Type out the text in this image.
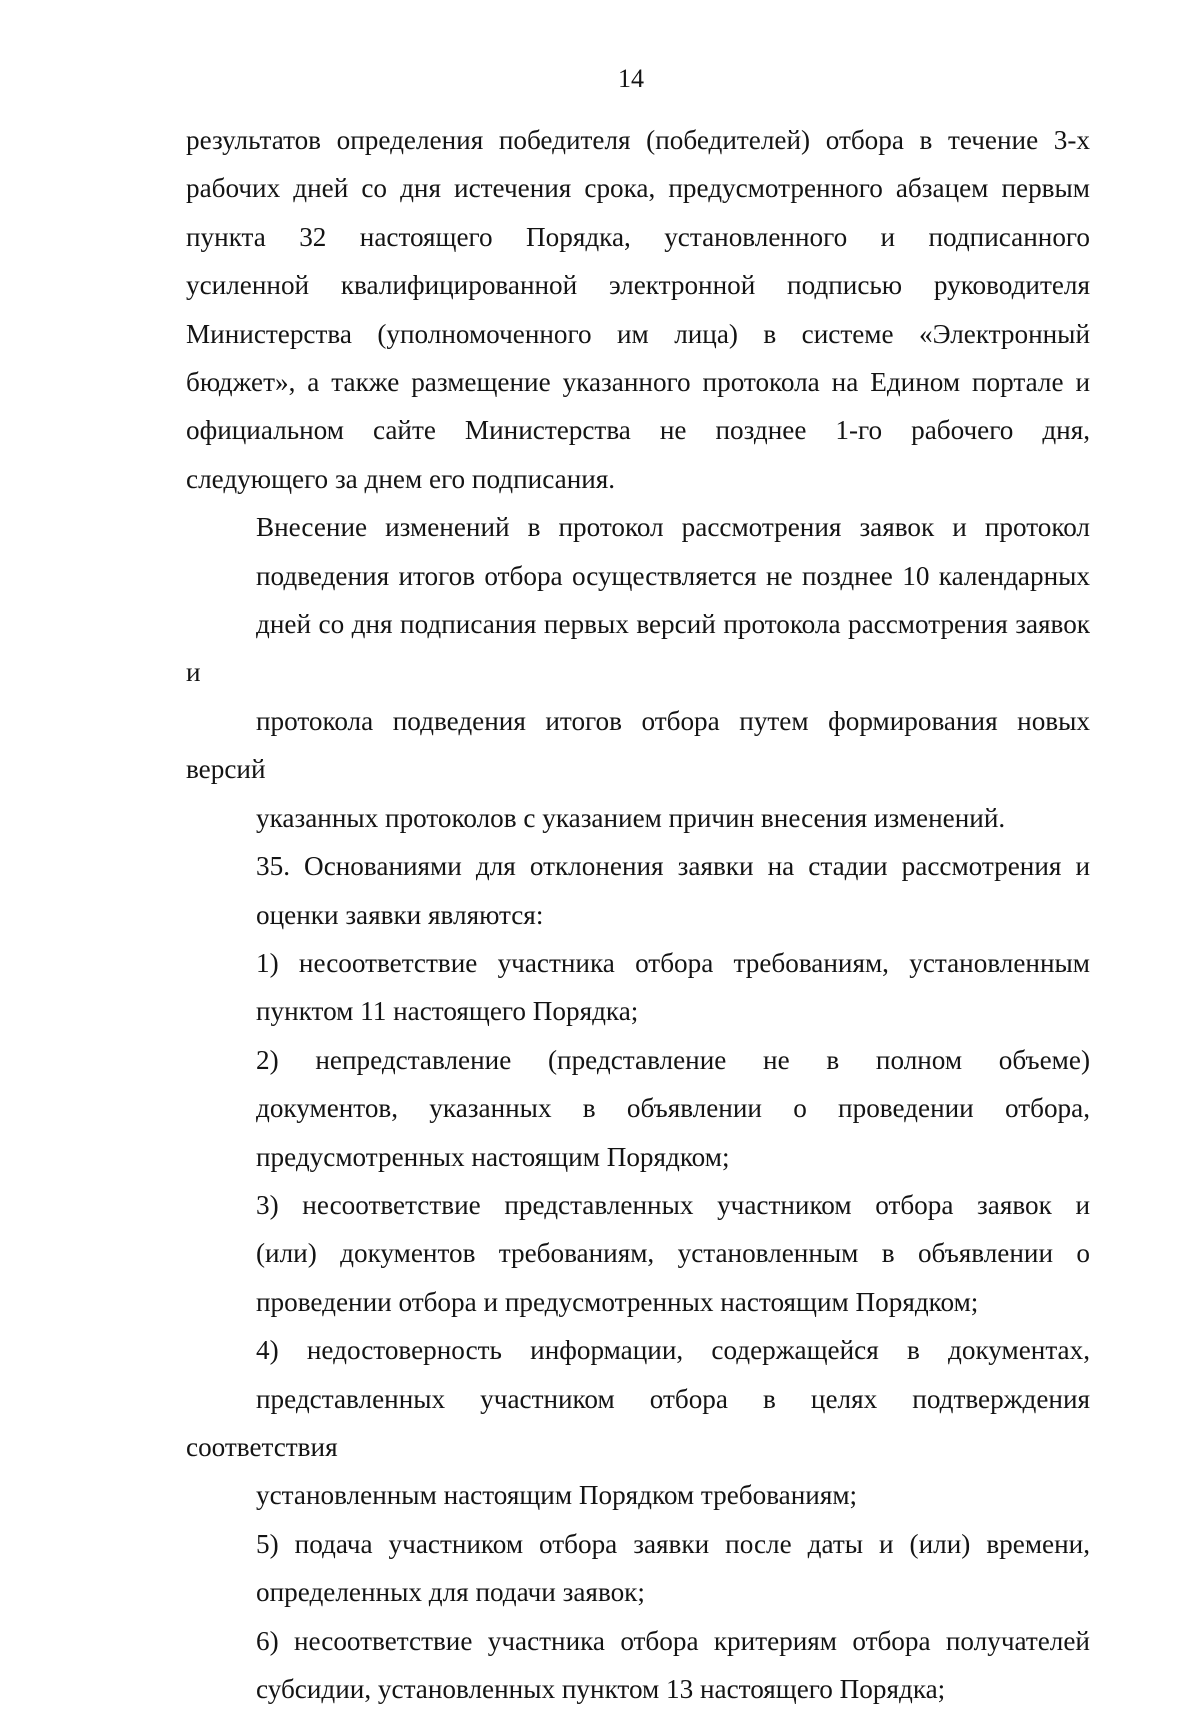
14

результатов определения победителя (победителей) отбора в течение 3-х
рабочих дней со дня истечения срока, предусмотренного абзацем первым
пункта 32 настоящего Порядка, установленного и подписанного
усиленной квалифицированной электронной подписью руководителя
Министерства (уполномоченного им лица) в системе «Электронный
бюджет», а также размещение указанного протокола на Едином портале и
официальном сайте Министерства не позднее 1-го рабочего дня,
следующего за днем его подписания.

Внесение изменений в протокол рассмотрения заявок и протокол
подведения итогов отбора осуществляется не позднее 10 календарных
дней со дня подписания первых версий протокола рассмотрения заявок и
протокола подведения итогов отбора путем формирования новых версий
указанных протоколов с указанием причин внесения изменений.

35. Основаниями для отклонения заявки на стадии рассмотрения и
оценки заявки являются:

1) несоответствие участника отбора требованиям, установленным
пунктом 11 настоящего Порядка;

2) непредставление (представление не в полном объеме)
документов, указанных в объявлении о проведении отбора,
предусмотренных настоящим Порядком;

3) несоответствие представленных участником отбора заявок и
(или) документов требованиям, установленным в объявлении о
проведении отбора и предусмотренных настоящим Порядком;

4) недостоверность информации, содержащейся в документах,
представленных участником отбора в целях подтверждения соответствия
установленным настоящим Порядком требованиям;

5) подача участником отбора заявки после даты и (или) времени,
определенных для подачи заявок;

6) несоответствие участника отбора критериям отбора получателей
субсидии, установленных пунктом 13 настоящего Порядка;
